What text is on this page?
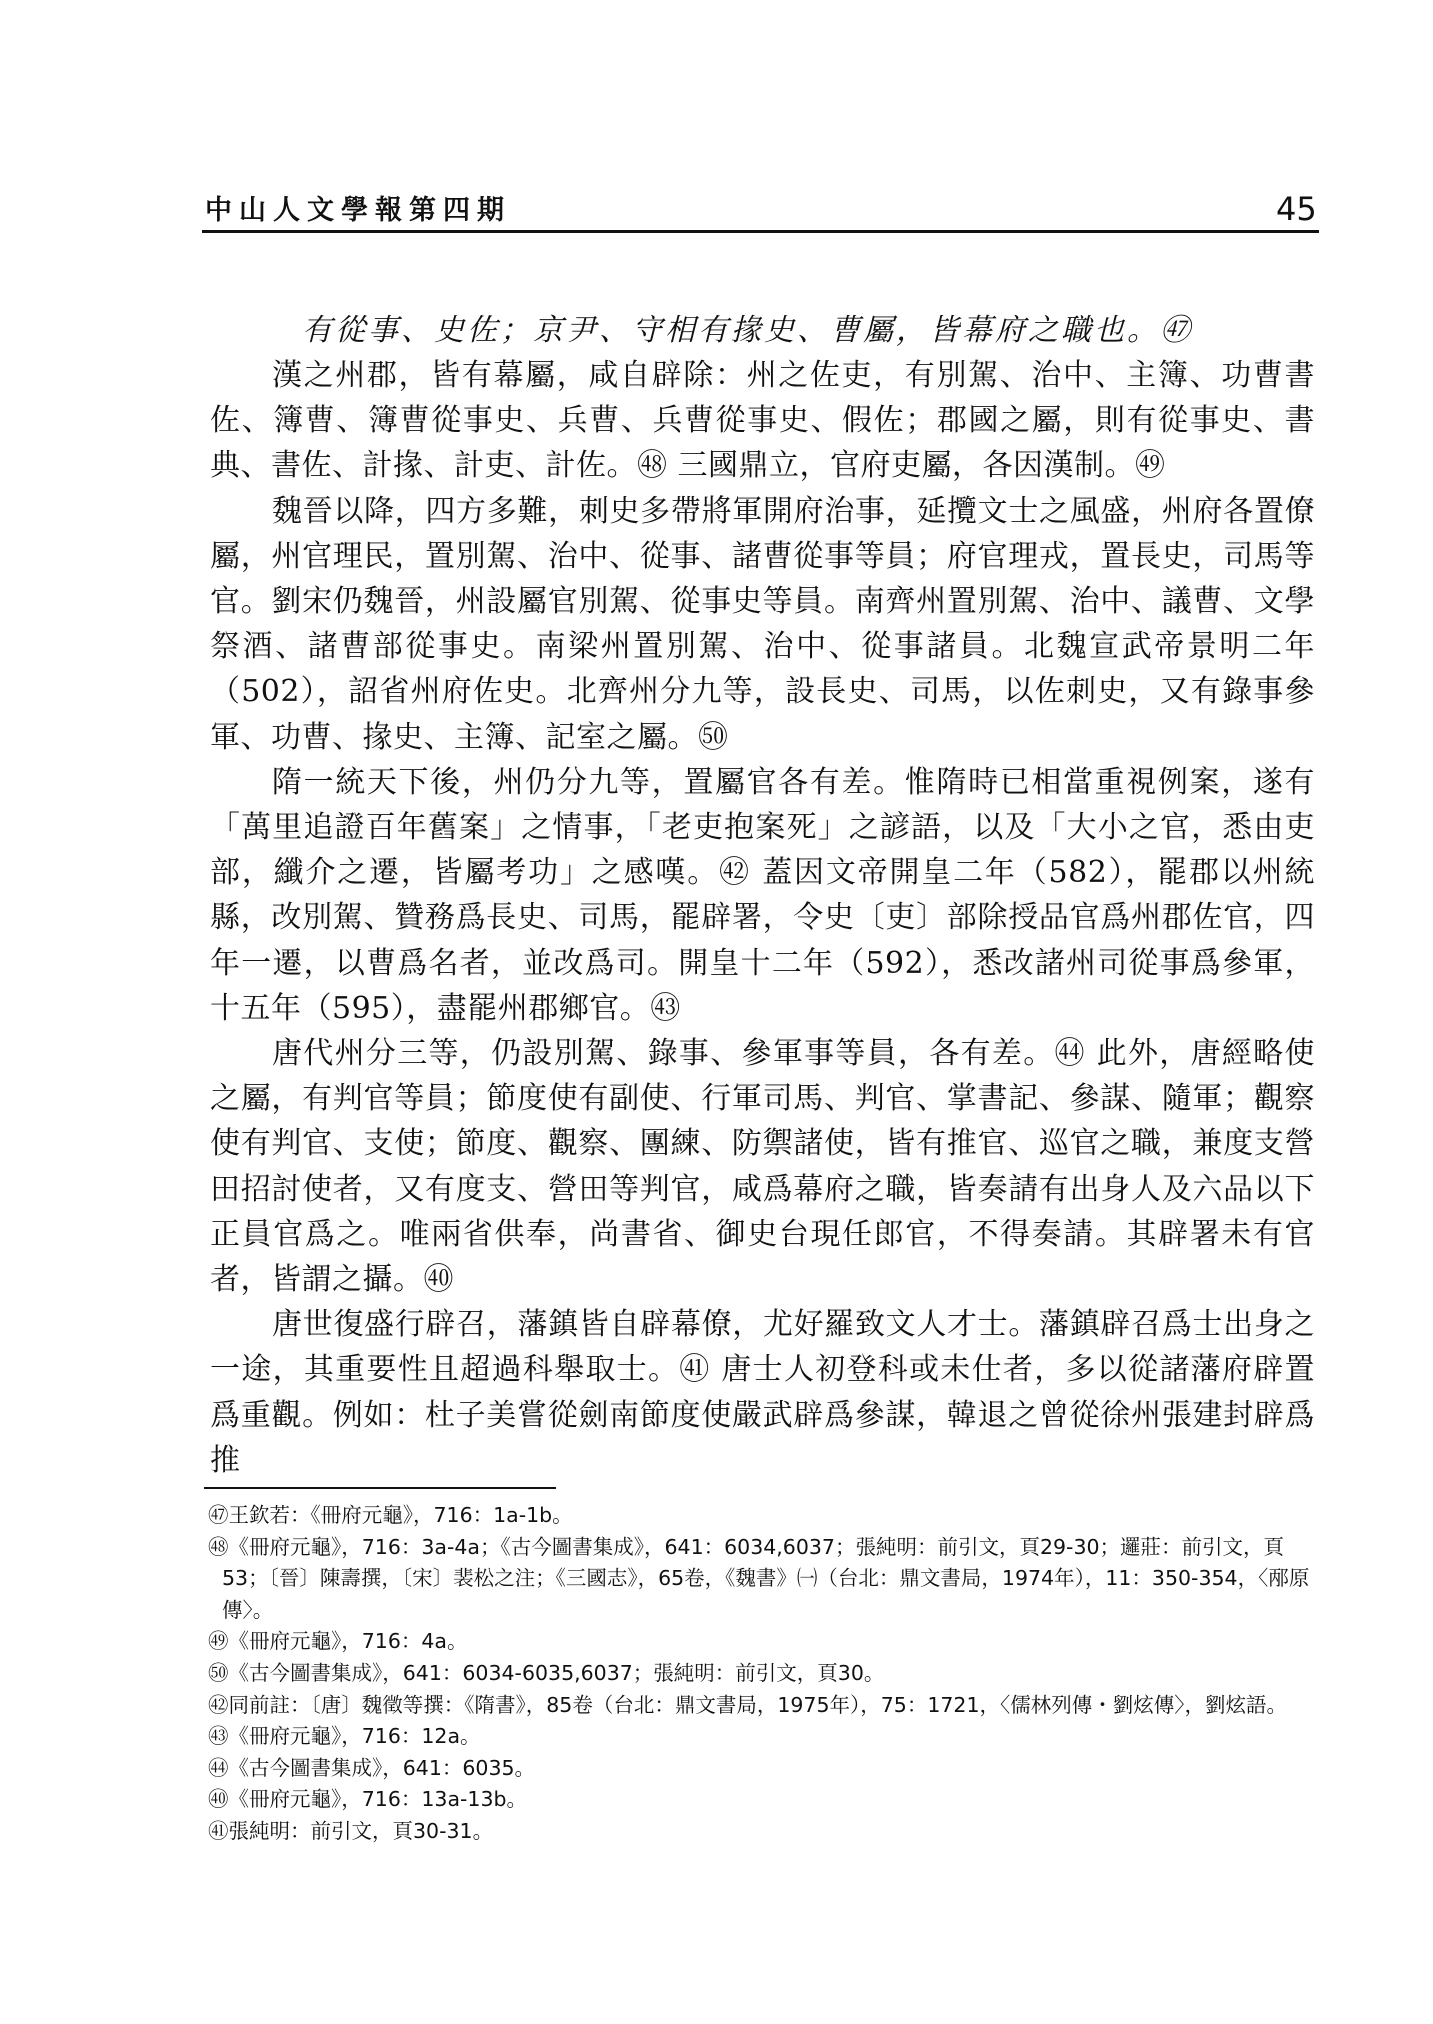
中山人文學報第四期	45

有從事、史佐；京尹、守相有掾史、曹屬，皆幕府之職也。㊼

漢之州郡，皆有幕屬，咸自辟除：州之佐吏，有別駕、治中、主簿、功曹書佐、簿曹、簿曹從事史、兵曹、兵曹從事史、假佐；郡國之屬，則有從事史、書典、書佐、計掾、計吏、計佐。㊽ 三國鼎立，官府吏屬，各因漢制。㊾

魏晉以降，四方多難，刺史多帶將軍開府治事，延攬文士之風盛，州府各置僚屬，州官理民，置別駕、治中、從事、諸曹從事等員；府官理戎，置長史，司馬等官。劉宋仍魏晉，州設屬官別駕、從事史等員。南齊州置別駕、治中、議曹、文學祭酒、諸曹部從事史。南梁州置別駕、治中、從事諸員。北魏宣武帝景明二年（502），詔省州府佐史。北齊州分九等，設長史、司馬，以佐刺史，又有錄事參軍、功曹、掾史、主簿、記室之屬。㊿

隋一統天下後，州仍分九等，置屬官各有差。惟隋時已相當重視例案，遂有「萬里追證百年舊案」之情事，「老吏抱案死」之諺語，以及「大小之官，悉由吏部，纖介之遷，皆屬考功」之感嘆。㊷ 蓋因文帝開皇二年（582），罷郡以州統縣，改別駕、贊務爲長史、司馬，罷辟署，令史〔吏〕部除授品官爲州郡佐官，四年一遷，以曹爲名者，並改爲司。開皇十二年（592），悉改諸州司從事爲參軍，十五年（595），盡罷州郡鄉官。㊸

唐代州分三等，仍設別駕、錄事、參軍事等員，各有差。㊹ 此外，唐經略使之屬，有判官等員；節度使有副使、行軍司馬、判官、掌書記、參謀、隨軍；觀察使有判官、支使；節度、觀察、團練、防禦諸使，皆有推官、巡官之職，兼度支營田招討使者，又有度支、營田等判官，咸爲幕府之職，皆奏請有出身人及六品以下正員官爲之。唯兩省供奉，尚書省、御史台現任郎官，不得奏請。其辟署未有官者，皆謂之攝。㊵

唐世復盛行辟召，藩鎮皆自辟幕僚，尤好羅致文人才士。藩鎮辟召爲士出身之一途，其重要性且超過科舉取士。㊶ 唐士人初登科或未仕者，多以從諸藩府辟置爲重觀。例如：杜子美嘗從劍南節度使嚴武辟爲參謀，韓退之曾從徐州張建封辟爲推

㊼王欽若：《冊府元龜》，716：1a-1b。

㊽《冊府元龜》，716：3a-4a；《古今圖書集成》，641：6034,6037；張純明：前引文，頁29-30；邏莊：前引文，頁53；〔晉〕陳壽撰，〔宋〕裴松之注；《三國志》，65卷，《魏書》㈠（台北：鼎文書局，1974年），11：350-354，〈邴原傳〉。

㊾《冊府元龜》，716：4a。

㊿《古今圖書集成》，641：6034-6035,6037；張純明：前引文，頁30。

㊷同前註：〔唐〕魏徵等撰：《隋書》，85卷（台北：鼎文書局，1975年），75：1721，〈儒林列傳・劉炫傳〉，劉炫語。

㊸《冊府元龜》，716：12a。

㊹《古今圖書集成》，641：6035。

㊵《冊府元龜》，716：13a-13b。

㊶張純明：前引文，頁30-31。
